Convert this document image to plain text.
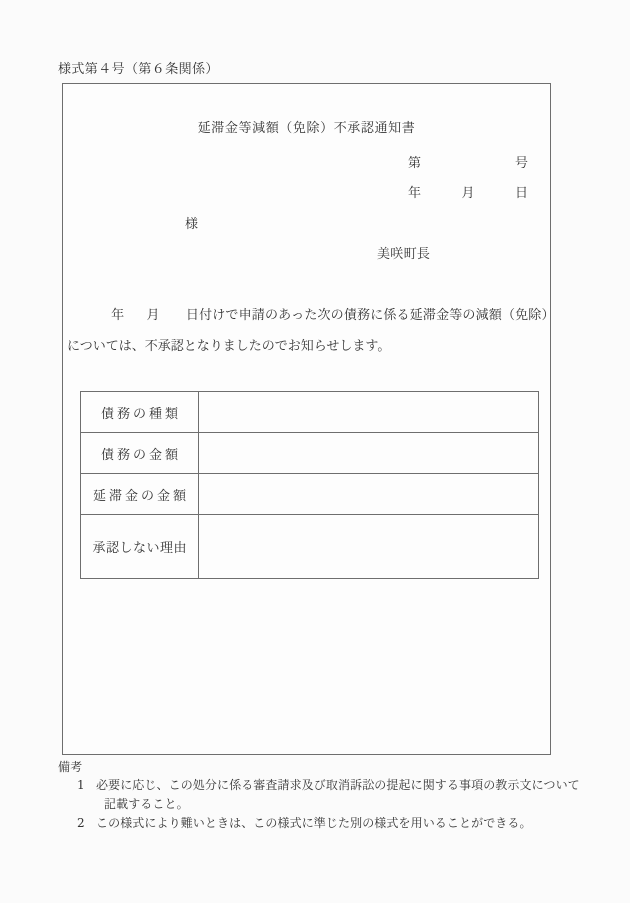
様式第４号（第６条関係）
延滞金等減額（免除）不承認通知書
第	号
年	月	日
様
美咲町長
年 月 日付けで申請のあった次の債務に係る延滞金等の減額（免除）については、不承認となりましたのでお知らせします。
債務の種類	
債務の金額	
延滞金の金額	
承認しない理由	
備考
1 必要に応じ、この処分に係る審査請求及び取消訴訟の提起に関する事項の教示文について記載すること。
2 この様式により難いときは、この様式に準じた別の様式を用いることができる。
